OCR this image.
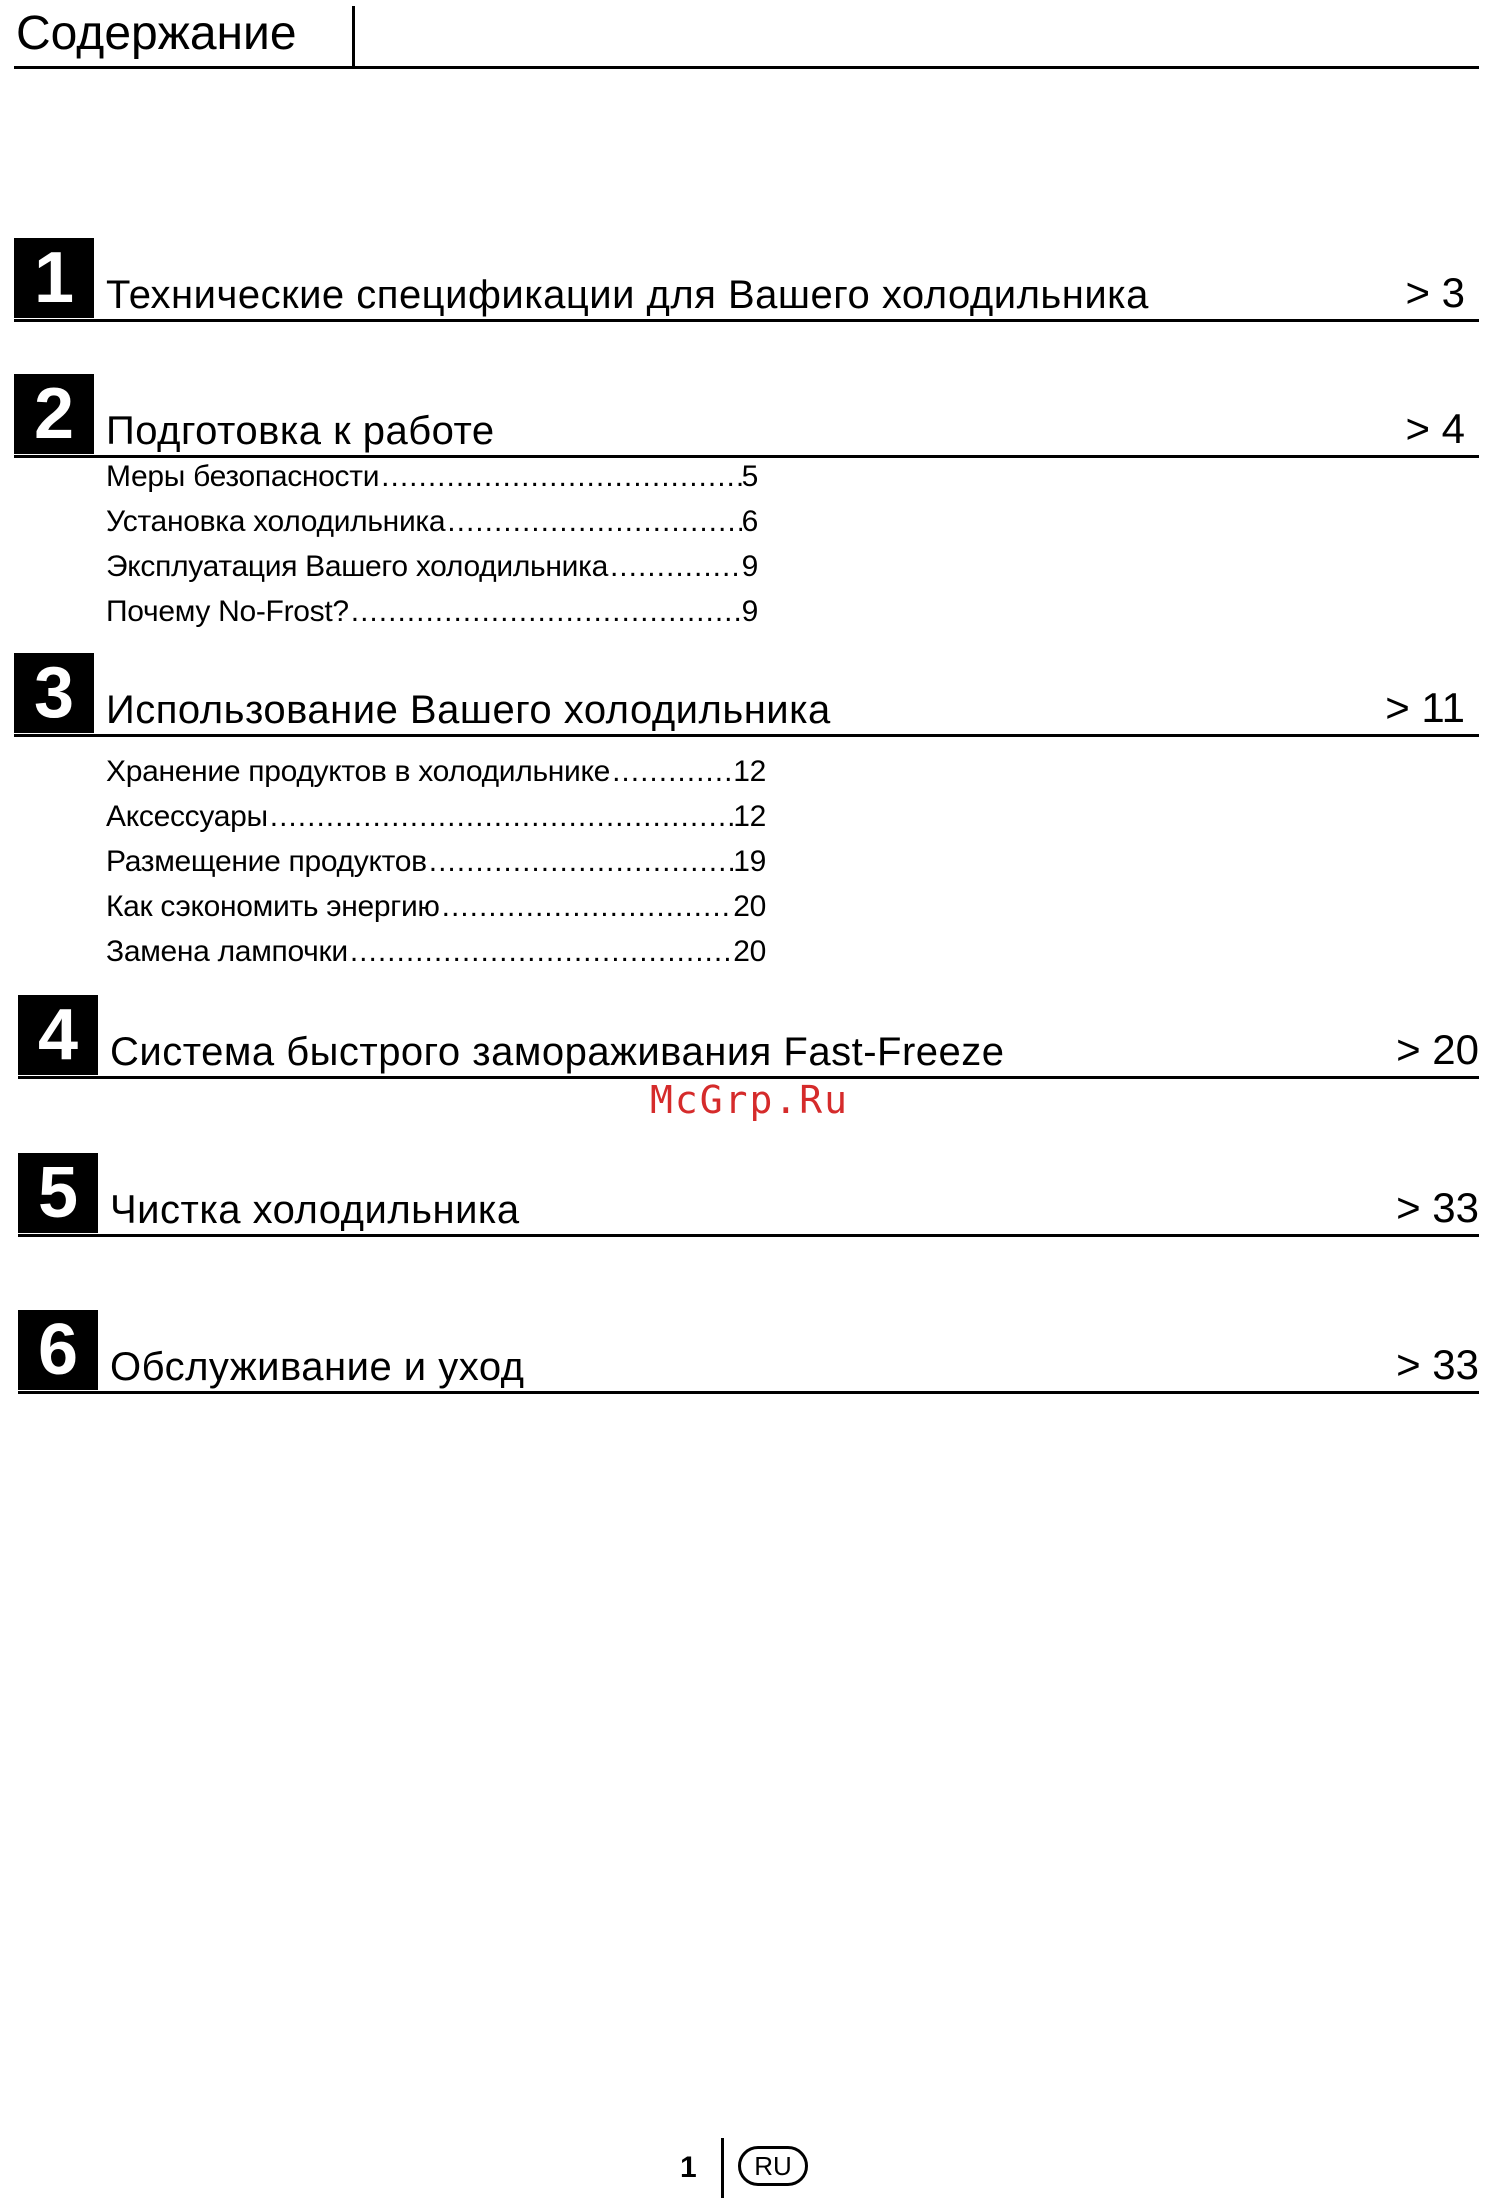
Содержание
1 Технические спецификации для Вашего холодильника	> 3
2 Подготовка к работе	> 4
Меры безопасности .....	5
Установка холодильника .....	6
Эксплуатация Вашего холодильника .....	9
Почему No-Frost? .....	9
3 Использование Вашего холодильника	> 11
Хранение продуктов в холодильнике .....	12
Аксессуары .....	12
Размещение продуктов .....	19
Как сэкономить энергию .....	20
Замена лампочки .....	20
4 Система быстрого замораживания Fast-Freeze	> 20
McGrp.Ru
5 Чистка холодильника	> 33
6 Обслуживание и уход	> 33
1	RU
